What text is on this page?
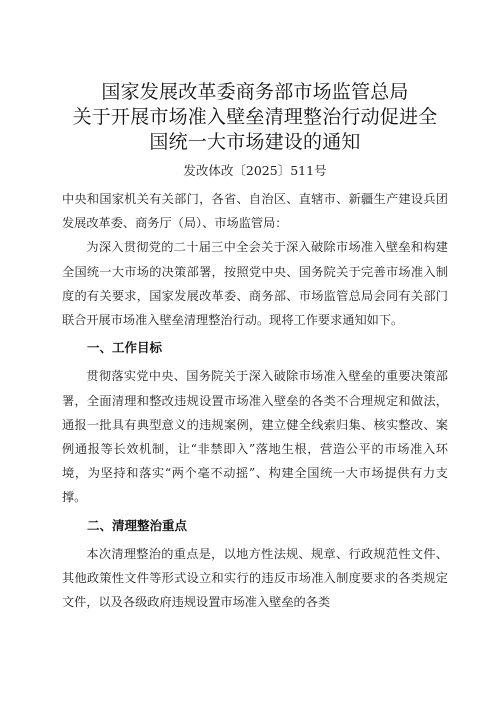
国家发展改革委商务部市场监管总局
关于开展市场准入壁垒清理整治行动促进全
国统一大市场建设的通知

发改体改〔2025〕511号

中央和国家机关有关部门，各省、自治区、直辖市、新疆生产建设兵团发展改革委、商务厅（局）、市场监管局：

为深入贯彻党的二十届三中全会关于深入破除市场准入壁垒和构建全国统一大市场的决策部署，按照党中央、国务院关于完善市场准入制度的有关要求，国家发展改革委、商务部、市场监管总局会同有关部门联合开展市场准入壁垒清理整治行动。现将工作要求通知如下。

一、工作目标

贯彻落实党中央、国务院关于深入破除市场准入壁垒的重要决策部署，全面清理和整改违规设置市场准入壁垒的各类不合理规定和做法，通报一批具有典型意义的违规案例，建立健全线索归集、核实整改、案例通报等长效机制，让“非禁即入”落地生根，营造公平的市场准入环境，为坚持和落实“两个毫不动摇”、构建全国统一大市场提供有力支撑。

二、清理整治重点

本次清理整治的重点是，以地方性法规、规章、行政规范性文件、其他政策性文件等形式设立和实行的违反市场准入制度要求的各类规定文件，以及各级政府违规设置市场准入壁垒的各类
